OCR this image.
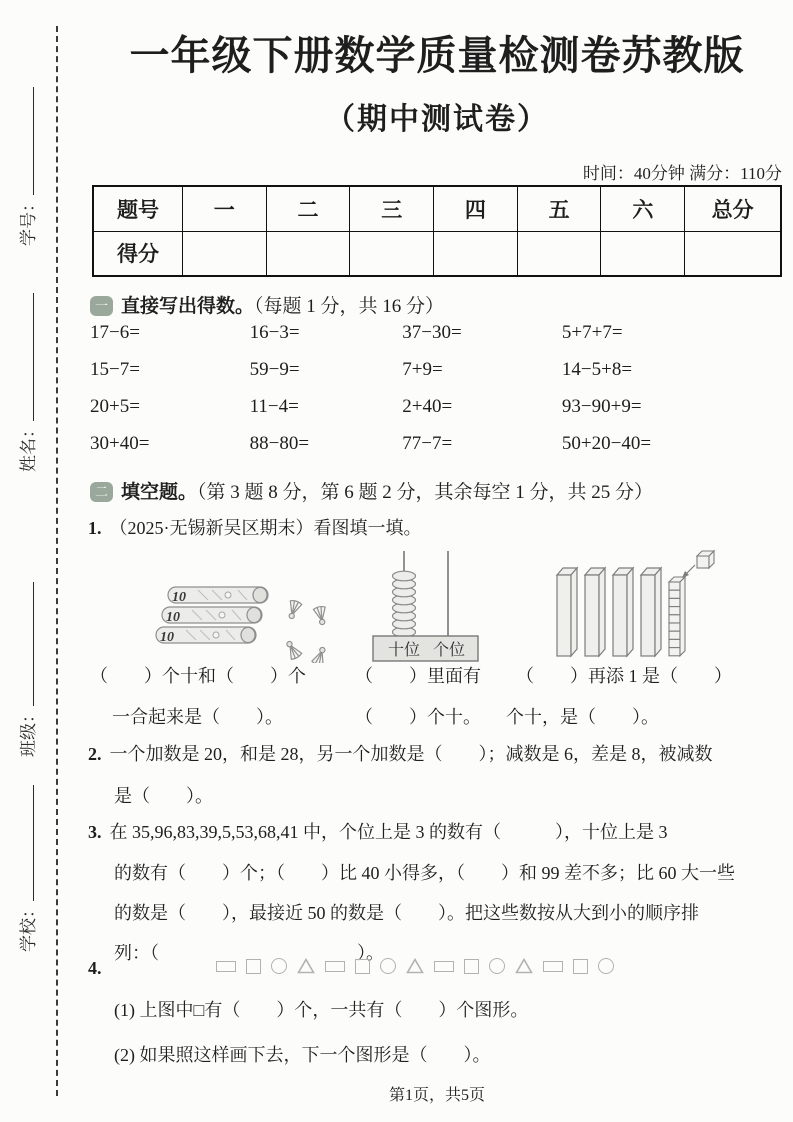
学号：
姓名：
班级：
学校：
一年级下册数学质量检测卷苏教版
（期中测试卷）
时间：40分钟 满分：110分
题号	一	二	三	四	五	六	总分
得分							
一 直接写出得数。（每题 1 分，共 16 分）
17−6=	16−3=	37−30=	5+7+7=
15−7=	59−9=	7+9=	14−5+8=
20+5=	11−4=	2+40=	93−90+9=
30+40=	88−80=	77−7=	50+20−40=
二 填空题。（第 3 题 8 分，第 6 题 2 分，其余每空 1 分，共 25 分）
1. （2025·无锡新吴区期末）看图填一填。
10
10
10
十位 个位
（　　）个十和（　　）个	（　　）里面有 （　　）再添 1 是（　　）
一合起来是（　　）。	（　　）个十。 个十，是（　　）。
2. 一个加数是 20，和是 28，另一个加数是（　　）；减数是 6，差是 8，被减数
是（　　）。
3. 在 35,96,83,39,5,53,68,41 中，个位上是 3 的数有（　　　），十位上是 3
的数有（　　）个；（　　）比 40 小得多，（　　）和 99 差不多；比 60 大一些
的数是（　　），最接近 50 的数是（　　）。把这些数按从大到小的顺序排
列：（　　　　　　　　　　　）。
4.
(1) 上图中□有（　　）个，一共有（　　）个图形。
(2) 如果照这样画下去，下一个图形是（　　）。
第1页，共5页
